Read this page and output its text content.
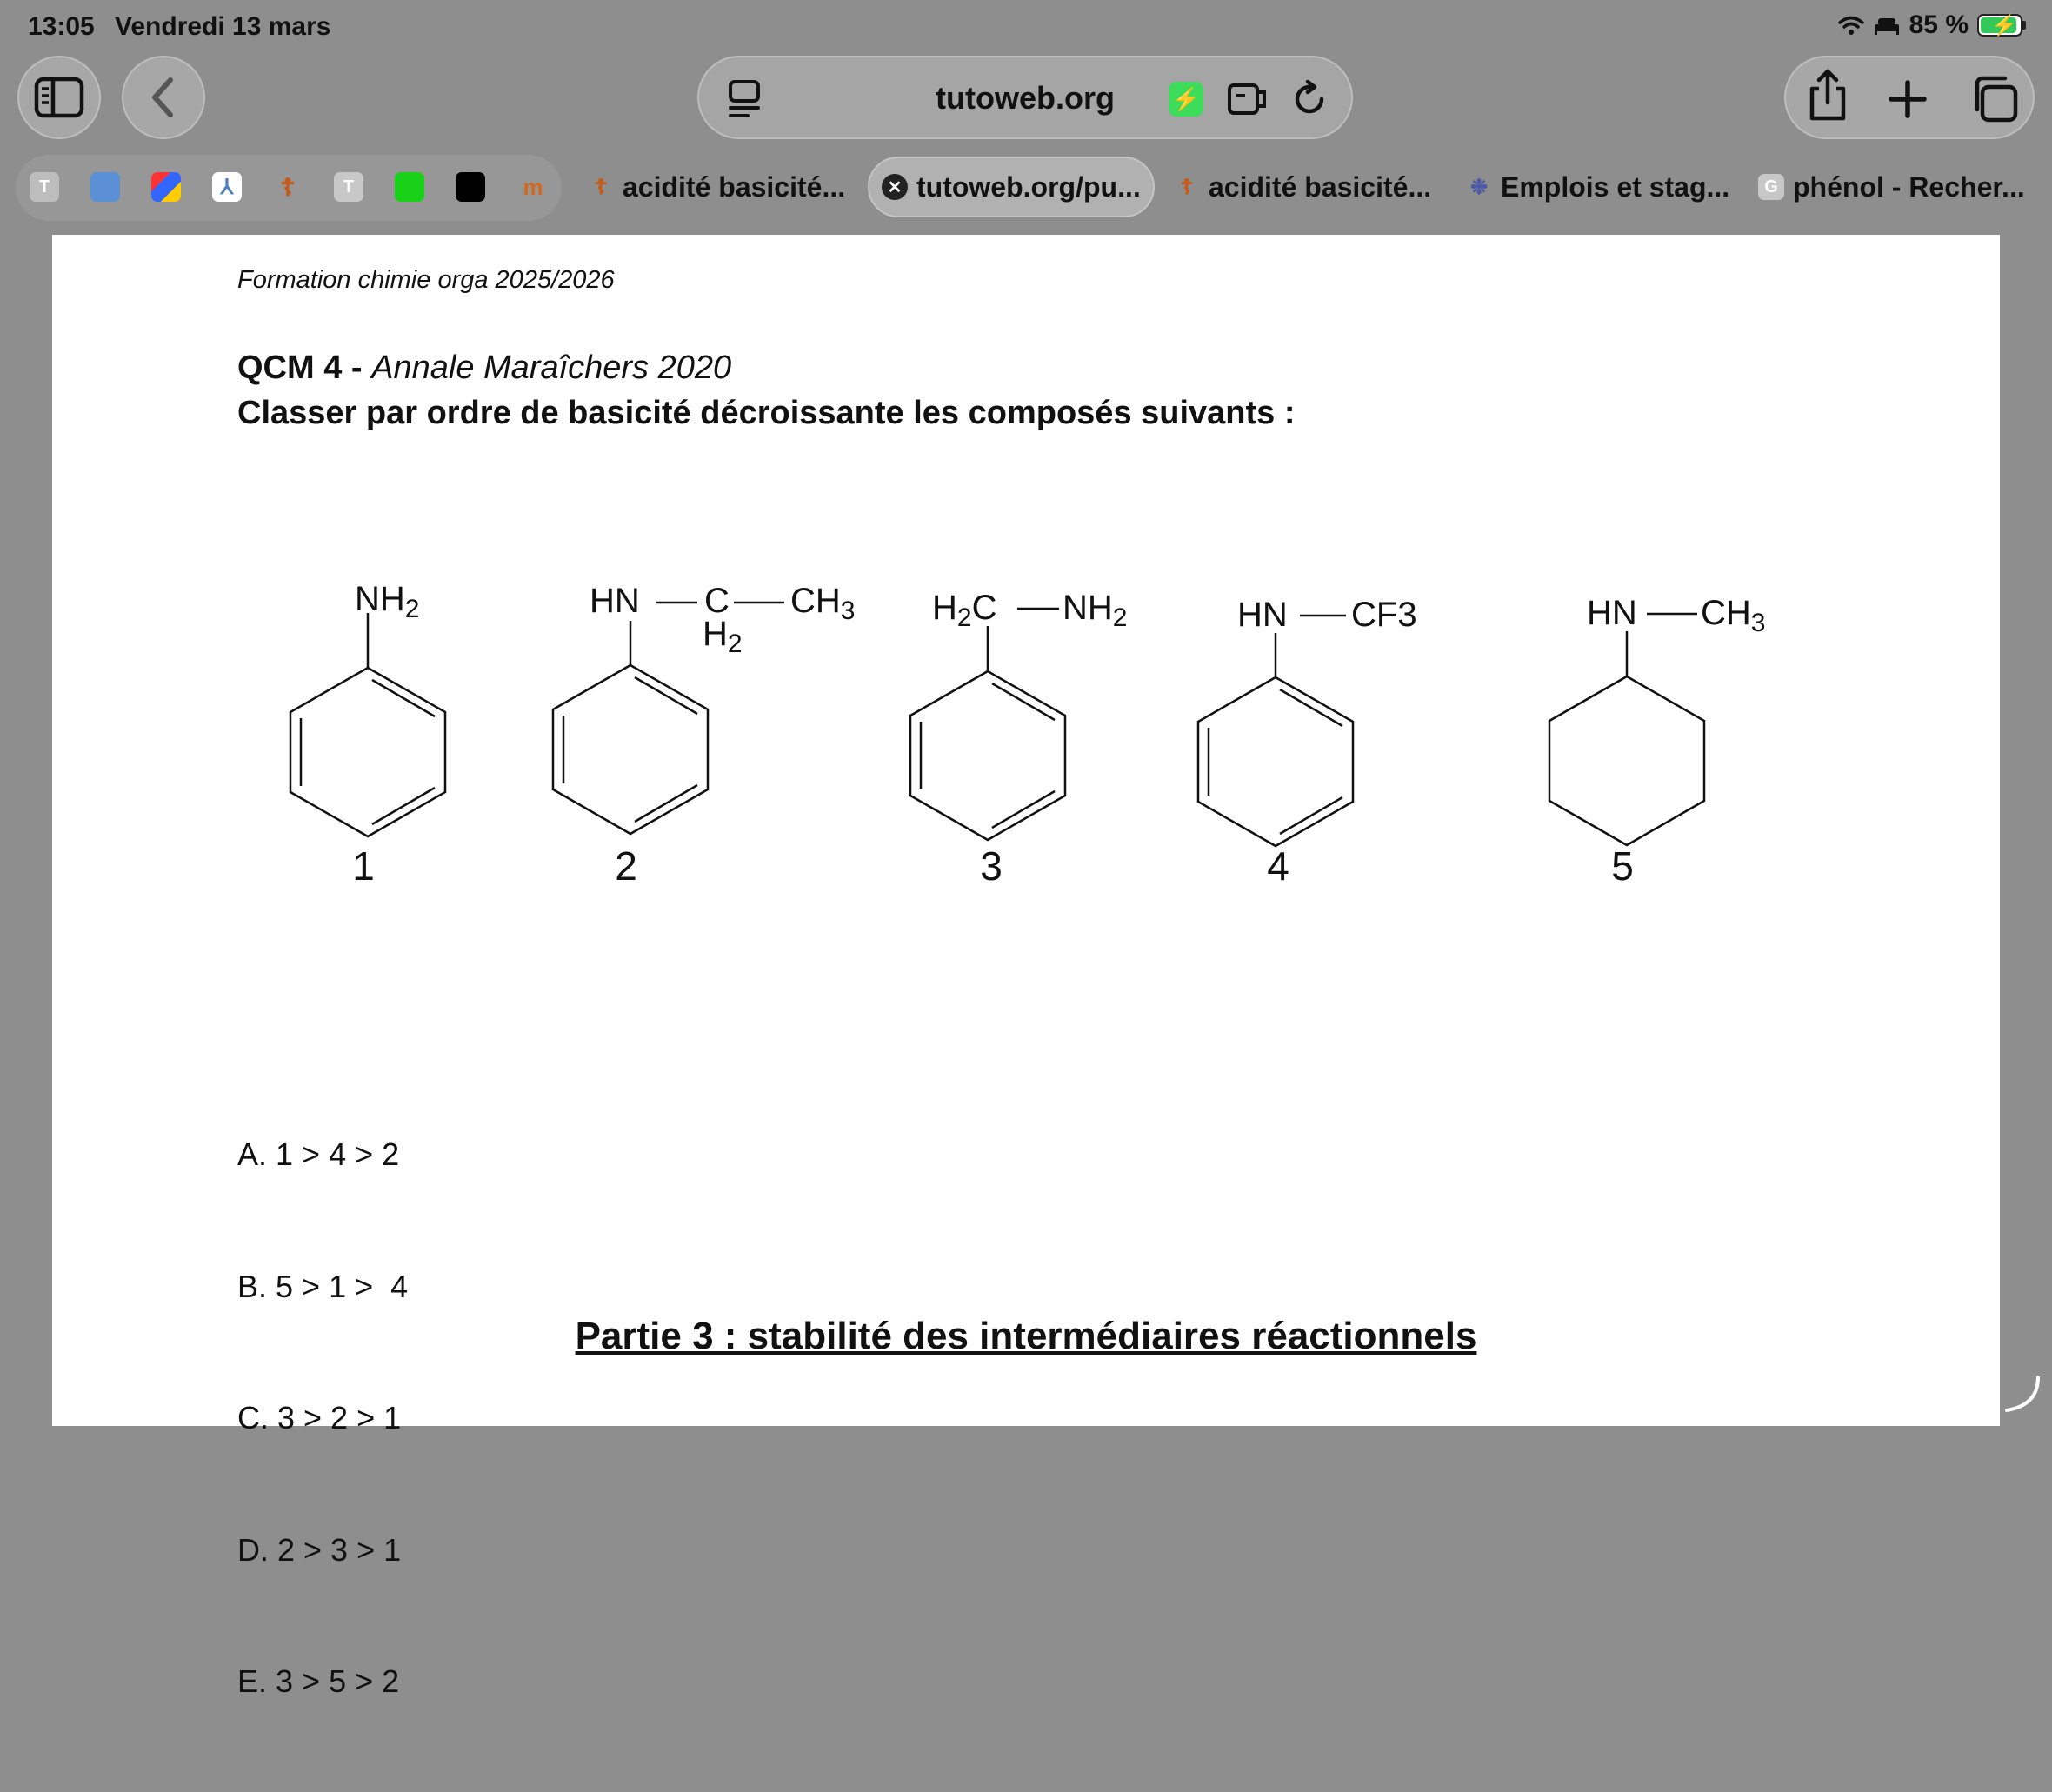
13:05 Vendredi 13 mars	85 % ⚡
tutoweb.org	⚡
T	⅄	☦	T	m	☦ acidité basicité...	✕ tutoweb.org/pu...	☦ acidité basicité... ❉ Emplois et stag...	G phénol - Recher...
Formation chimie orga 2025/2026
QCM 4 - Annale Maraîchers 2020
Classer par ordre de basicité décroissante les composés suivants :
$NH_2$	HN C
$H_2$
$CH_3$ $H_2C$ $NH_2$	HN CF3	HN $CH_3$
1	2	3	4	5

A. 1 > 4 > 2

B. 5 > 1 >  4

C. 3 > 2 > 1

D. 2 > 3 > 1

E. 3 > 5 > 2

Partie 3 : stabilité des intermédiaires réactionnels
